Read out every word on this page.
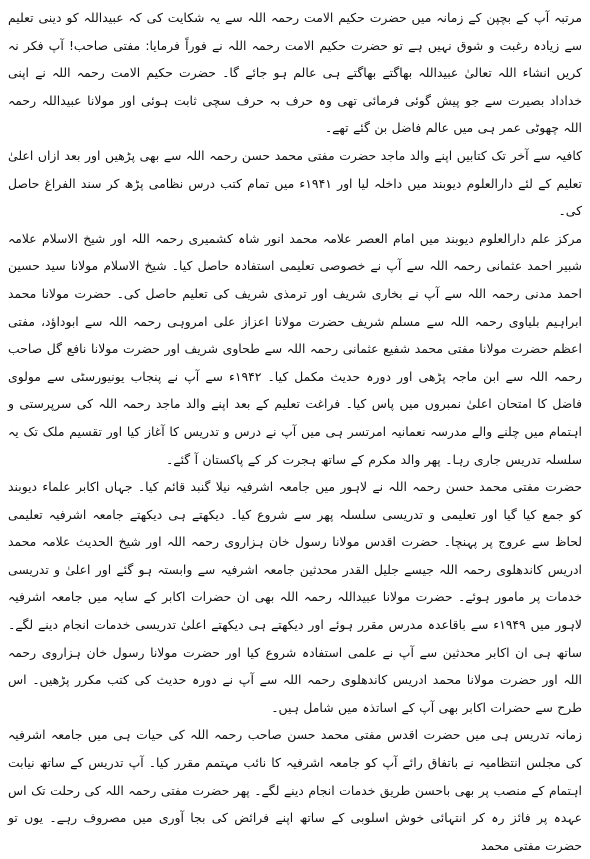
مرتبہ آپ کے بچپن کے زمانہ میں حضرت حکیم الامت رحمہ اللہ سے یہ شکایت کی کہ عبیداللہ کو دینی تعلیم سے زیادہ رغبت و شوق نہیں ہے تو حضرت حکیم الامت رحمہ اللہ نے فوراً فرمایا: مفتی صاحب! آپ فکر نہ کریں انشاء اللہ تعالیٰ عبیداللہ بھاگتے بھاگتے ہی عالم ہو جائے گا۔ حضرت حکیم الامت رحمہ اللہ نے اپنی خداداد بصیرت سے جو پیش گوئی فرمائی تھی وہ حرف بہ حرف سچی ثابت ہوئی اور مولانا عبیداللہ رحمہ اللہ چھوٹی عمر ہی میں عالم فاضل بن گئے تھے۔

کافیہ سے آخر تک کتابیں اپنے والد ماجد حضرت مفتی محمد حسن رحمہ اللہ سے بھی پڑھیں اور بعد ازاں اعلیٰ تعلیم کے لئے دارالعلوم دیوبند میں داخلہ لیا اور ۱۹۴۱ء میں تمام کتب درس نظامی پڑھ کر سند الفراغ حاصل کی۔

مرکز علم دارالعلوم دیوبند میں امام العصر علامہ محمد انور شاہ کشمیری رحمہ اللہ اور شیخ الاسلام علامہ شبیر احمد عثمانی رحمہ اللہ سے آپ نے خصوصی تعلیمی استفادہ حاصل کیا۔ شیخ الاسلام مولانا سید حسین احمد مدنی رحمہ اللہ سے آپ نے بخاری شریف اور ترمذی شریف کی تعلیم حاصل کی۔ حضرت مولانا محمد ابراہیم بلیاوی رحمہ اللہ سے مسلم شریف حضرت مولانا اعزاز علی امروہی رحمہ اللہ سے ابوداؤد، مفتی اعظم حضرت مولانا مفتی محمد شفیع عثمانی رحمہ اللہ سے طحاوی شریف اور حضرت مولانا نافع گل صاحب رحمہ اللہ سے ابن ماجہ پڑھی اور دورہ حدیث مکمل کیا۔ ۱۹۴۲ء سے آپ نے پنجاب یونیورسٹی سے مولوی فاضل کا امتحان اعلیٰ نمبروں میں پاس کیا۔ فراغت تعلیم کے بعد اپنے والد ماجد رحمہ اللہ کی سرپرستی و اہتمام میں چلنے والے مدرسہ نعمانیہ امرتسر ہی میں آپ نے درس و تدریس کا آغاز کیا اور تقسیم ملک تک یہ سلسلہ تدریس جاری رہا۔ پھر والد مکرم کے ساتھ ہجرت کر کے پاکستان آ گئے۔

حضرت مفتی محمد حسن رحمہ اللہ نے لاہور میں جامعہ اشرفیہ نیلا گنبد قائم کیا۔ جہاں اکابر علماء دیوبند کو جمع کیا گیا اور تعلیمی و تدریسی سلسلہ پھر سے شروع کیا۔ دیکھتے ہی دیکھتے جامعہ اشرفیہ تعلیمی لحاظ سے عروج پر پہنچا۔ حضرت اقدس مولانا رسول خان ہزاروی رحمہ اللہ اور شیخ الحدیث علامہ محمد ادریس کاندھلوی رحمہ اللہ جیسے جلیل القدر محدثین جامعہ اشرفیہ سے وابستہ ہو گئے اور اعلیٰ و تدریسی خدمات پر مامور ہوئے۔ حضرت مولانا عبیداللہ رحمہ اللہ بھی ان حضرات اکابر کے سایہ میں جامعہ اشرفیہ لاہور میں ۱۹۴۹ء سے باقاعدہ مدرس مقرر ہوئے اور دیکھتے ہی دیکھتے اعلیٰ تدریسی خدمات انجام دینے لگے۔ ساتھ ہی ان اکابر محدثین سے آپ نے علمی استفادہ شروع کیا اور حضرت مولانا رسول خان ہزاروی رحمہ اللہ اور حضرت مولانا محمد ادریس کاندھلوی رحمہ اللہ سے آپ نے دورہ حدیث کی کتب مکرر پڑھیں۔ اس طرح سے حضرات اکابر بھی آپ کے اساتذہ میں شامل ہیں۔

زمانہ تدریس ہی میں حضرت اقدس مفتی محمد حسن صاحب رحمہ اللہ کی حیات ہی میں جامعہ اشرفیہ کی مجلس انتظامیہ نے باتفاق رائے آپ کو جامعہ اشرفیہ کا نائب مہتمم مقرر کیا۔ آپ تدریس کے ساتھ نیابت اہتمام کے منصب پر بھی باحسن طریق خدمات انجام دینے لگے۔ پھر حضرت مفتی رحمہ اللہ کی رحلت تک اس عہدہ پر فائز رہ کر انتہائی خوش اسلوبی کے ساتھ اپنے فرائض کی بجا آوری میں مصروف رہے۔ یوں تو حضرت مفتی محمد
